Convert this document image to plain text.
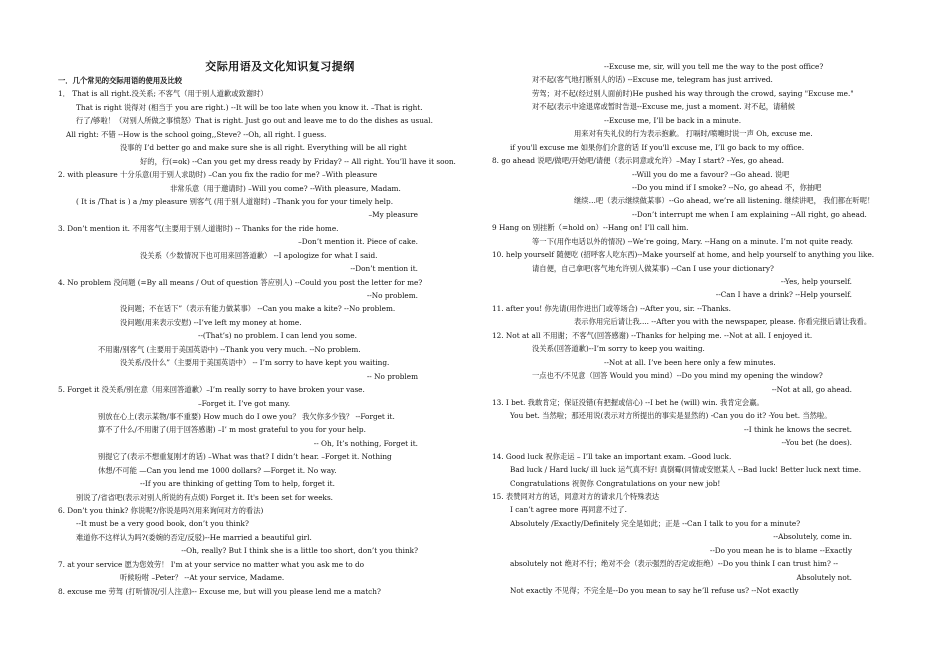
交际用语及文化知识复习提纲
一．几个常见的交际用语的使用及比较
1． That is all right.没关系; 不客气（用于别人道歉或致谢时）
That is right 说得对 (相当于 you are right.) --It will be too late when you know it. –That is right.
行了/够啦！（对别人所做之事愤怒）That is right. Just go out and leave me to do the dishes as usual.
All right: 不错 --How is the school going,,Steve? --Oh, all right. I guess.
没事的 I’d better go and make sure she is all right. Everything will be all right
好的，行(=ok) --Can you get my dress ready by Friday? -- All right. You’ll have it soon.
2. with pleasure 十分乐意(用于别人求助时) –Can you fix the radio for me? –With pleasure
非常乐意（用于邀请时) –Will you come? --With pleasure, Madam.
( It is /That is ) a /my pleasure 别客气 (用于别人道谢时) –Thank you for your timely help.
–My pleasure
3. Don’t mention it. 不用客气(主要用于别人道谢时) -- Thanks for the ride home.
–Don’t mention it. Piece of cake.
没关系（少数情况下也可用来回答道歉） --I apologize for what I said.
--Don’t mention it.
4. No problem 没问题 (=By all means / Out of question 答应别人) --Could you post the letter for me?
--No problem.
没问题；不在话下”（表示有能力做某事） --Can you make a kite? --No problem.
没问题(用来表示安慰) --I’ve left my money at home.
--(That’s) no problem. I can lend you some.
不用谢/别客气 (主要用于美国英语中) --Thank you very much. --No problem.
没关系/没什么”（主要用于美国英语中） -- I’m sorry to have kept you waiting.
-- No problem
5. Forget it 没关系/别在意（用来回答道歉）–I’m really sorry to have broken your vase.
–Forget it. I’ve got many.
别放在心上(表示某物/事不重要) How much do I owe you？ 我欠你多少钱？ --Forget it.
算不了什么/不用谢了(用于回答感谢) –I’ m most grateful to you for your help.
-- Oh, It’s nothing, Forget it.
别提它了(表示不想重复刚才的话) –What was that? I didn’t hear. –Forget it. Nothing
休想/不可能 —Can you lend me 1000 dollars? —Forget it. No way.
--If you are thinking of getting Tom to help, forget it.
别说了/省省吧(表示对别人所说的有点烦) Forget it. It's been set for weeks.
6. Don’t you think? 你说呢?/你说是吗?(用来询问对方的看法)
--It must be a very good book, don’t you think?
难道你不这样认为吗?(委婉的否定/反驳)--He married a beautiful girl.
--Oh, really? But I think she is a little too short, don’t you think?
7. at your service 愿为您效劳！ I'm at your service no matter what you ask me to do
听候吩咐 –Peter？ --At your service, Madame.
8. excuse me 劳驾 (打听情况/引人注意)-- Excuse me, but will you please lend me a match?
--Excuse me, sir, will you tell me the way to the post office?
对不起(客气地打断别人的话) --Excuse me, telegram has just arrived.
劳驾；对不起(经过别人面前时)He pushed his way through the crowd, saying "Excuse me."
对不起(表示中途退席或暂时告退--Excuse me, just a moment. 对不起，请稍候
--Excuse me, I’ll be back in a minute.
用来对有失礼仪的行为表示抱歉。 打嗝时/喷嚏时说一声 Oh, excuse me.
if you'll excuse me 如果你们介意的话 If you'll excuse me, I’ll go back to my office.
8. go ahead 说吧/做吧/开始吧/请便（表示同意或允许）–May I start? --Yes, go ahead.
--Will you do me a favour? --Go ahead. 说吧
--Do you mind if I smoke? --No, go ahead 不，你抽吧
继续…吧（表示继续做某事）--Go ahead, we’re all listening. 继续讲吧， 我们都在听呢！
--Don’t interrupt me when I am explaining --All right, go ahead.
9 Hang on 别挂断（=hold on）--Hang on! I’ll call him.
等一下(用作电话以外的情况) --We’re going, Mary. --Hang on a minute. I’m not quite ready.
10. help yourself 随便吃 (招呼客人吃东西)--Make yourself at home, and help yourself to anything you like.
请自便，自己拿吧(客气地允许别人做某事) --Can I use your dictionary?
--Yes, help yourself.
--Can I have a drink? --Help yourself.
11. after you! 你先请(用作进出门或等场合) --After you, sir. --Thanks.
表示你用完后请让我.... --After you with the newspaper, please. 你看完报后请让我看。
12. Not at all 不用谢；不客气(回答感谢) --Thanks for helping me. --Not at all. I enjoyed it.
没关系(回答道歉)--I’m sorry to keep you waiting.
--Not at all. I’ve been here only a few minutes.
一点也不/不见意（回答 Would you mind）--Do you mind my opening the window?
--Not at all, go ahead.
13. I bet. 我敢肯定；保证没错(有把握或信心) --I bet he (will) win. 我肯定会赢。
You bet. 当然啦；那还用说(表示对方所提出的事实是显然的) -Can you do it? -You bet. 当然啦。
--I think he knows the secret.
--You bet (he does).
14. Good luck 祝你走运 – I’ll take an important exam. –Good luck.
Bad luck / Hard luck/ ill luck 运气真不好! 真倒霉(同情或安慰某人 --Bad luck! Better luck next time.
Congratulations 祝贺你 Congratulations on your new job!
15. 表赞同对方的话，同意对方的请求几个特殊表达
I can’t agree more 再同意不过了.
Absolutely /Exactly/Definitely 完全是如此；正是 --Can I talk to you for a minute?
--Absolutely, come in.
--Do you mean he is to blame --Exactly
absolutely not 绝对不行；绝对不会（表示强烈的否定或拒绝）--Do you think I can trust him? --
Absolutely not.
Not exactly 不见得；不完全是--Do you mean to say he’ll refuse us? --Not exactly
